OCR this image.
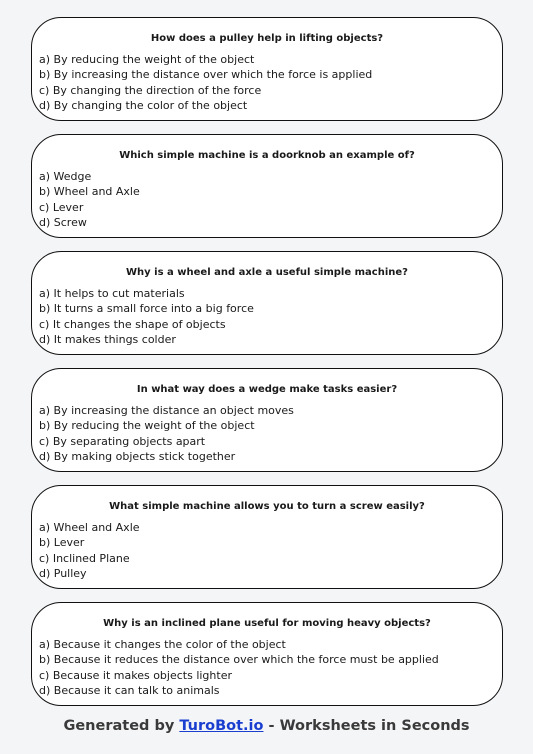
How does a pulley help in lifting objects?

a) By reducing the weight of the object
b) By increasing the distance over which the force is applied
c) By changing the direction of the force
d) By changing the color of the object

Which simple machine is a doorknob an example of?

a) Wedge
b) Wheel and Axle
c) Lever
d) Screw

Why is a wheel and axle a useful simple machine?

a) It helps to cut materials
b) It turns a small force into a big force
c) It changes the shape of objects
d) It makes things colder

In what way does a wedge make tasks easier?

a) By increasing the distance an object moves
b) By reducing the weight of the object
c) By separating objects apart
d) By making objects stick together

What simple machine allows you to turn a screw easily?

a) Wheel and Axle
b) Lever
c) Inclined Plane
d) Pulley

Why is an inclined plane useful for moving heavy objects?

a) Because it changes the color of the object
b) Because it reduces the distance over which the force must be applied
c) Because it makes objects lighter
d) Because it can talk to animals
Generated by TuroBot.io - Worksheets in Seconds
